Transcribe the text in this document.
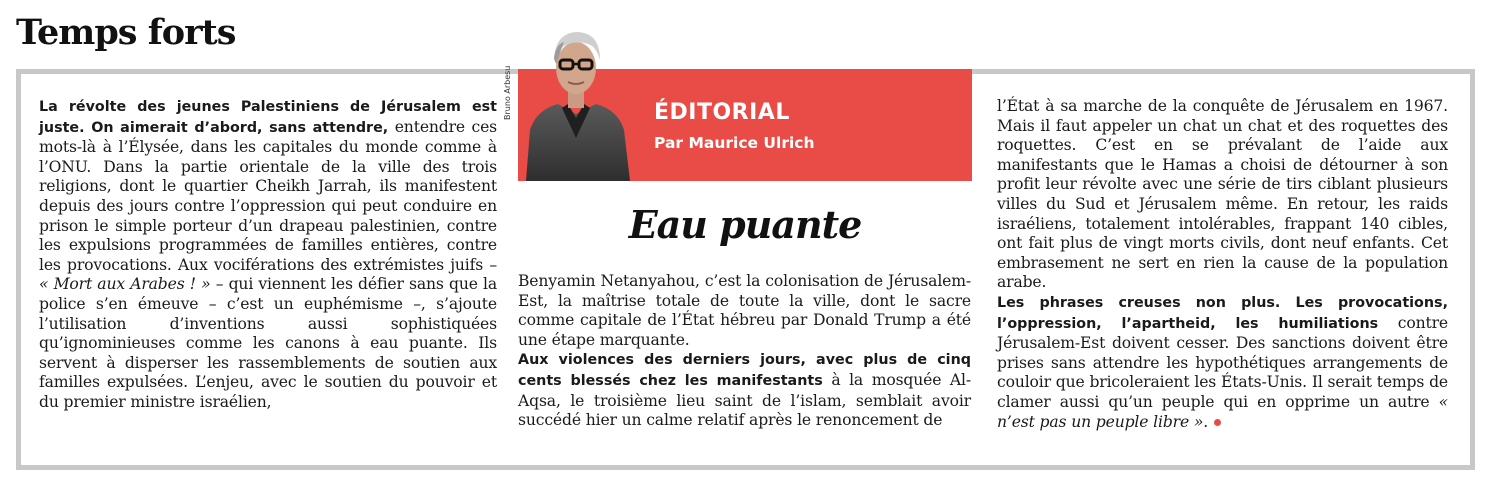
Temps forts
Bruno Arbesu	ÉDITORIAL
Par Maurice Ulrich
Eau puante

La révolte des jeunes Palestiniens de Jérusalem est juste. On aimerait d’abord, sans attendre, entendre ces mots-là à l’Élysée, dans les capitales du monde comme à l’ONU. Dans la partie orientale de la ville des trois religions, dont le quartier Cheikh Jarrah, ils manifestent depuis des jours contre l’oppression qui peut conduire en prison le simple porteur d’un drapeau palestinien, contre les expulsions programmées de familles entières, contre les provocations. Aux vociférations des extrémistes juifs – « Mort aux Arabes ! » – qui viennent les défier sans que la police s’en émeuve – c’est un euphémisme –, s’ajoute l’utilisation d’inventions aussi sophistiquées qu’ignominieuses comme les canons à eau puante. Ils servent à disperser les rassemblements de soutien aux familles expulsées. L’enjeu, avec le soutien du pouvoir et du premier ministre israélien,

Benyamin Netanyahou, c’est la colonisation de Jérusalem-Est, la maîtrise totale de toute la ville, dont le sacre comme capitale de l’État hébreu par Donald Trump a été une étape marquante.

Aux violences des derniers jours, avec plus de cinq cents blessés chez les manifestants à la mosquée Al-Aqsa, le troisième lieu saint de l’islam, semblait avoir succédé hier un calme relatif après le renoncement de

l’État à sa marche de la conquête de Jérusalem en 1967. Mais il faut appeler un chat un chat et des roquettes des roquettes. C’est en se prévalant de l’aide aux manifestants que le Hamas a choisi de détourner à son profit leur révolte avec une série de tirs ciblant plusieurs villes du Sud et Jérusalem même. En retour, les raids israéliens, totalement intolérables, frappant 140 cibles, ont fait plus de vingt morts civils, dont neuf enfants. Cet embrasement ne sert en rien la cause de la population arabe.

Les phrases creuses non plus. Les provocations, l’oppression, l’apartheid, les humiliations contre Jérusalem-Est doivent cesser. Des sanctions doivent être prises sans attendre les hypothétiques arrangements de couloir que bricoleraient les États-Unis. Il serait temps de clamer aussi qu’un peuple qui en opprime un autre « n’est pas un peuple libre ».
